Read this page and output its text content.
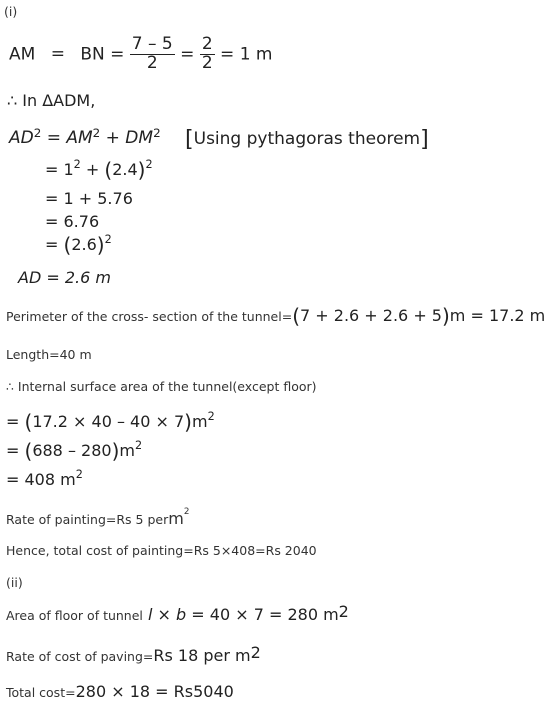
(i)
AM = BN = $\frac{7 - 5}{2} = \frac{2}{2} = 1$ m
∴ In ΔADM,
$AD^2 = AM^2 + DM^2$ [Using pythagoras theorem]
= $1^2 + (2.4)^2$
= 1 + 5.76
= 6.76
= $(2.6)^2$
AD = 2.6 m
Perimeter of the cross- section of the tunnel=(7 + 2.6 + 2.6 + 5)m = 17.2 m
Length=40 m
∴ Internal surface area of the tunnel(except floor)
= $(17.2 \times 40 - 40 \times 7)m^2$
= $(688 - 280)m^2$
= 408 $m^2$
Rate of painting=Rs 5 perm$^2$
Hence, total cost of painting=Rs 5×408=Rs 2040
(ii)
Area of floor of tunnel l × b = 40 × 7 = 280 $m^2$
Rate of cost of paving=Rs 18 per $m^2$
Total cost=280 × 18 = Rs5040
